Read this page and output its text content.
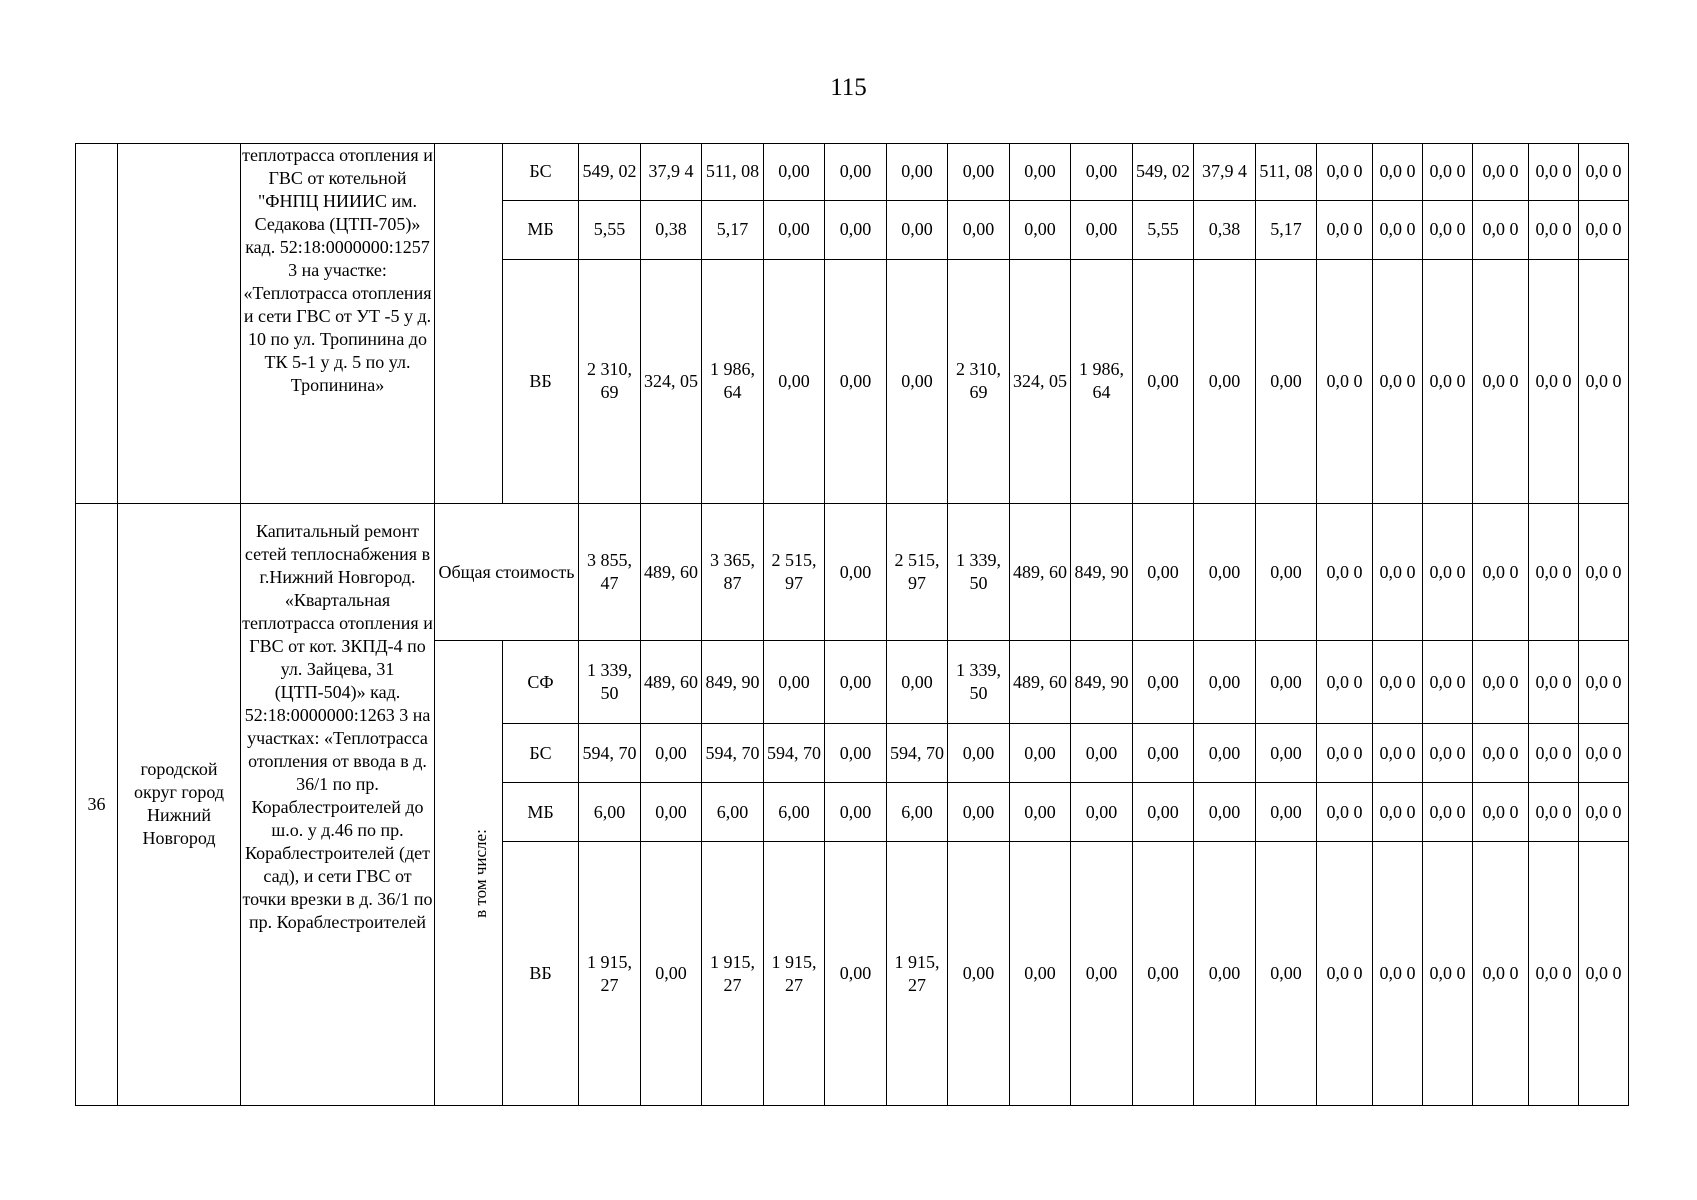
115
		теплотрасса отопления и ГВС от котельной "ФНПЦ НИИИС им. Седакова (ЦТП-705)» кад. 52:18:0000000:1257 3 на участке: «Теплотрасса отопления и сети ГВС от УТ -5 у д. 10 по ул. Тропинина до ТК 5-1 у д. 5 по ул. Тропинина»		БС	549, 02	37,9 4	511, 08	0,00	0,00	0,00	0,00	0,00	0,00	549, 02	37,9 4	511, 08	0,0 0	0,0 0	0,0 0	0,0 0	0,0 0	0,0 0
				МБ	5,55	0,38	5,17	0,00	0,00	0,00	0,00	0,00	0,00	5,55	0,38	5,17	0,0 0	0,0 0	0,0 0	0,0 0	0,0 0	0,0 0
				ВБ	2 310, 69	324, 05	1 986, 64	0,00	0,00	0,00	2 310, 69	324, 05	1 986, 64	0,00	0,00	0,00	0,0 0	0,0 0	0,0 0	0,0 0	0,0 0	0,0 0
36	городской округ город Нижний Новгород	Капитальный ремонт сетей теплоснабжения в г.Нижний Новгород. «Квартальная теплотрасса отопления и ГВС от кот. ЗКПД-4 по ул. Зайцева, 31 (ЦТП-504)» кад. 52:18:0000000:1263 3 на участках: «Теплотрасса отопления от ввода в д. 36/1 по пр. Кораблестроителей до ш.о. у д.46 по пр. Кораблестроителей (дет сад), и сети ГВС от точки врезки в д. 36/1 по пр. Кораблестроителей	Общая стоимость		3 855, 47	489, 60	3 365, 87	2 515, 97	0,00	2 515, 97	1 339, 50	489, 60	849, 90	0,00	0,00	0,00	0,0 0	0,0 0	0,0 0	0,0 0	0,0 0	0,0 0
			в том числе:	СФ	1 339, 50	489, 60	849, 90	0,00	0,00	0,00	1 339, 50	489, 60	849, 90	0,00	0,00	0,00	0,0 0	0,0 0	0,0 0	0,0 0	0,0 0	0,0 0
				БС	594, 70	0,00	594, 70	594, 70	0,00	594, 70	0,00	0,00	0,00	0,00	0,00	0,00	0,0 0	0,0 0	0,0 0	0,0 0	0,0 0	0,0 0
				МБ	6,00	0,00	6,00	6,00	0,00	6,00	0,00	0,00	0,00	0,00	0,00	0,00	0,0 0	0,0 0	0,0 0	0,0 0	0,0 0	0,0 0
				ВБ	1 915, 27	0,00	1 915, 27	1 915, 27	0,00	1 915, 27	0,00	0,00	0,00	0,00	0,00	0,00	0,0 0	0,0 0	0,0 0	0,0 0	0,0 0	0,0 0
